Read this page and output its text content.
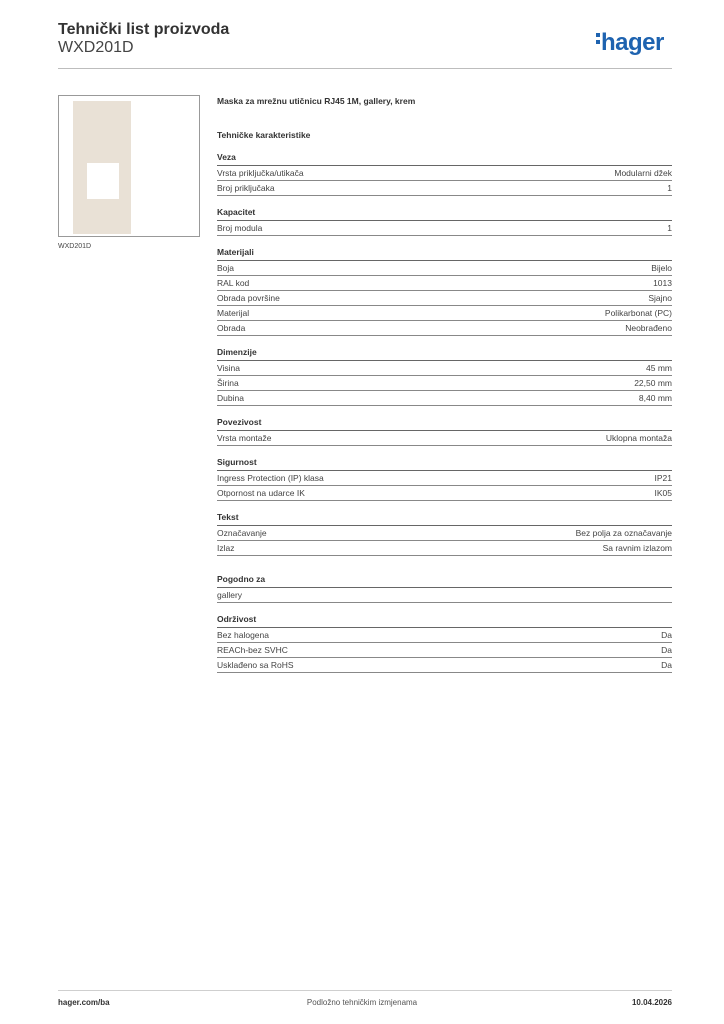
Tehnički list proizvoda
WXD201D	hager
WXD201D
Maska za mrežnu utičnicu RJ45 1M, gallery, krem
Tehničke karakteristike
Veza
Vrsta priključka/utikača	Modularni džek
Broj priključaka	1
Kapacitet
Broj modula	1
Materijali
Boja	Bijelo
RAL kod	1013
Obrada površine	Sjajno
Materijal	Polikarbonat (PC)
Obrada	Neobrađeno
Dimenzije
Visina	45 mm
Širina	22,50 mm
Dubina	8,40 mm
Povezivost
Vrsta montaže	Uklopna montaža
Sigurnost
Ingress Protection (IP) klasa	IP21
Otpornost na udarce IK	IK05
Tekst
Označavanje	Bez polja za označavanje
Izlaz	Sa ravnim izlazom
Pogodno za
gallery
Održivost
Bez halogena	Da
REACh-bez SVHC	Da
Usklađeno sa RoHS	Da
hager.com/ba	Podložno tehničkim izmjenama	10.04.2026
